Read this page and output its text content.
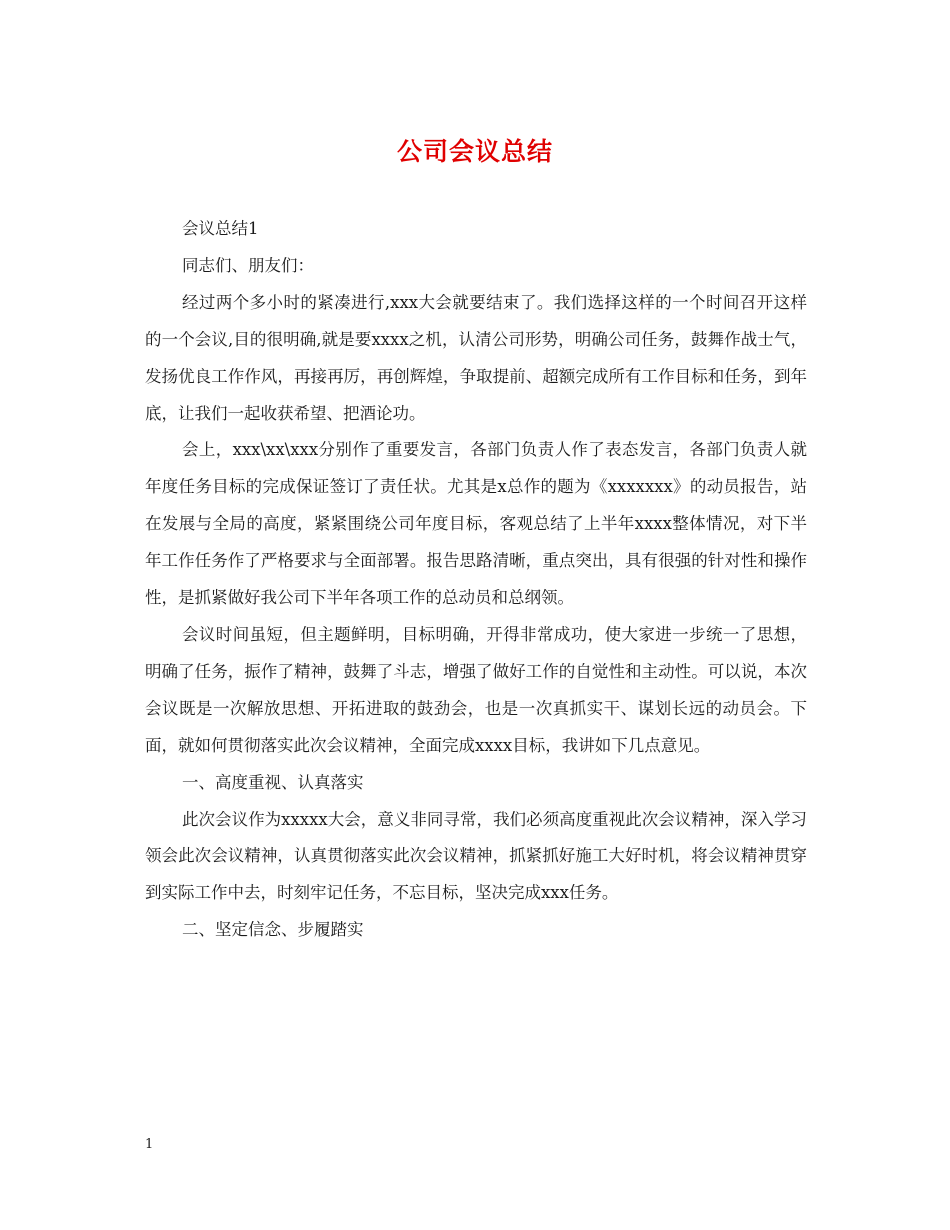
公司会议总结

会议总结1

同志们、朋友们：

经过两个多小时的紧凑进行,xxx大会就要结束了。我们选择这样的一个时间召开这样的一个会议,目的很明确,就是要xxxx之机，认清公司形势，明确公司任务，鼓舞作战士气，发扬优良工作作风，再接再厉，再创辉煌，争取提前、超额完成所有工作目标和任务，到年底，让我们一起收获希望、把酒论功。

会上，xxx\xx\xxx分别作了重要发言，各部门负责人作了表态发言，各部门负责人就年度任务目标的完成保证签订了责任状。尤其是x总作的题为《xxxxxxx》的动员报告，站在发展与全局的高度，紧紧围绕公司年度目标，客观总结了上半年xxxx整体情况，对下半年工作任务作了严格要求与全面部署。报告思路清晰，重点突出，具有很强的针对性和操作性，是抓紧做好我公司下半年各项工作的总动员和总纲领。

会议时间虽短，但主题鲜明，目标明确，开得非常成功，使大家进一步统一了思想，明确了任务，振作了精神，鼓舞了斗志，增强了做好工作的自觉性和主动性。可以说，本次会议既是一次解放思想、开拓进取的鼓劲会，也是一次真抓实干、谋划长远的动员会。下面，就如何贯彻落实此次会议精神，全面完成xxxx目标，我讲如下几点意见。

一、高度重视、认真落实

此次会议作为xxxxx大会，意义非同寻常，我们必须高度重视此次会议精神，深入学习领会此次会议精神，认真贯彻落实此次会议精神，抓紧抓好施工大好时机，将会议精神贯穿到实际工作中去，时刻牢记任务，不忘目标，坚决完成xxx任务。

二、坚定信念、步履踏实

1
